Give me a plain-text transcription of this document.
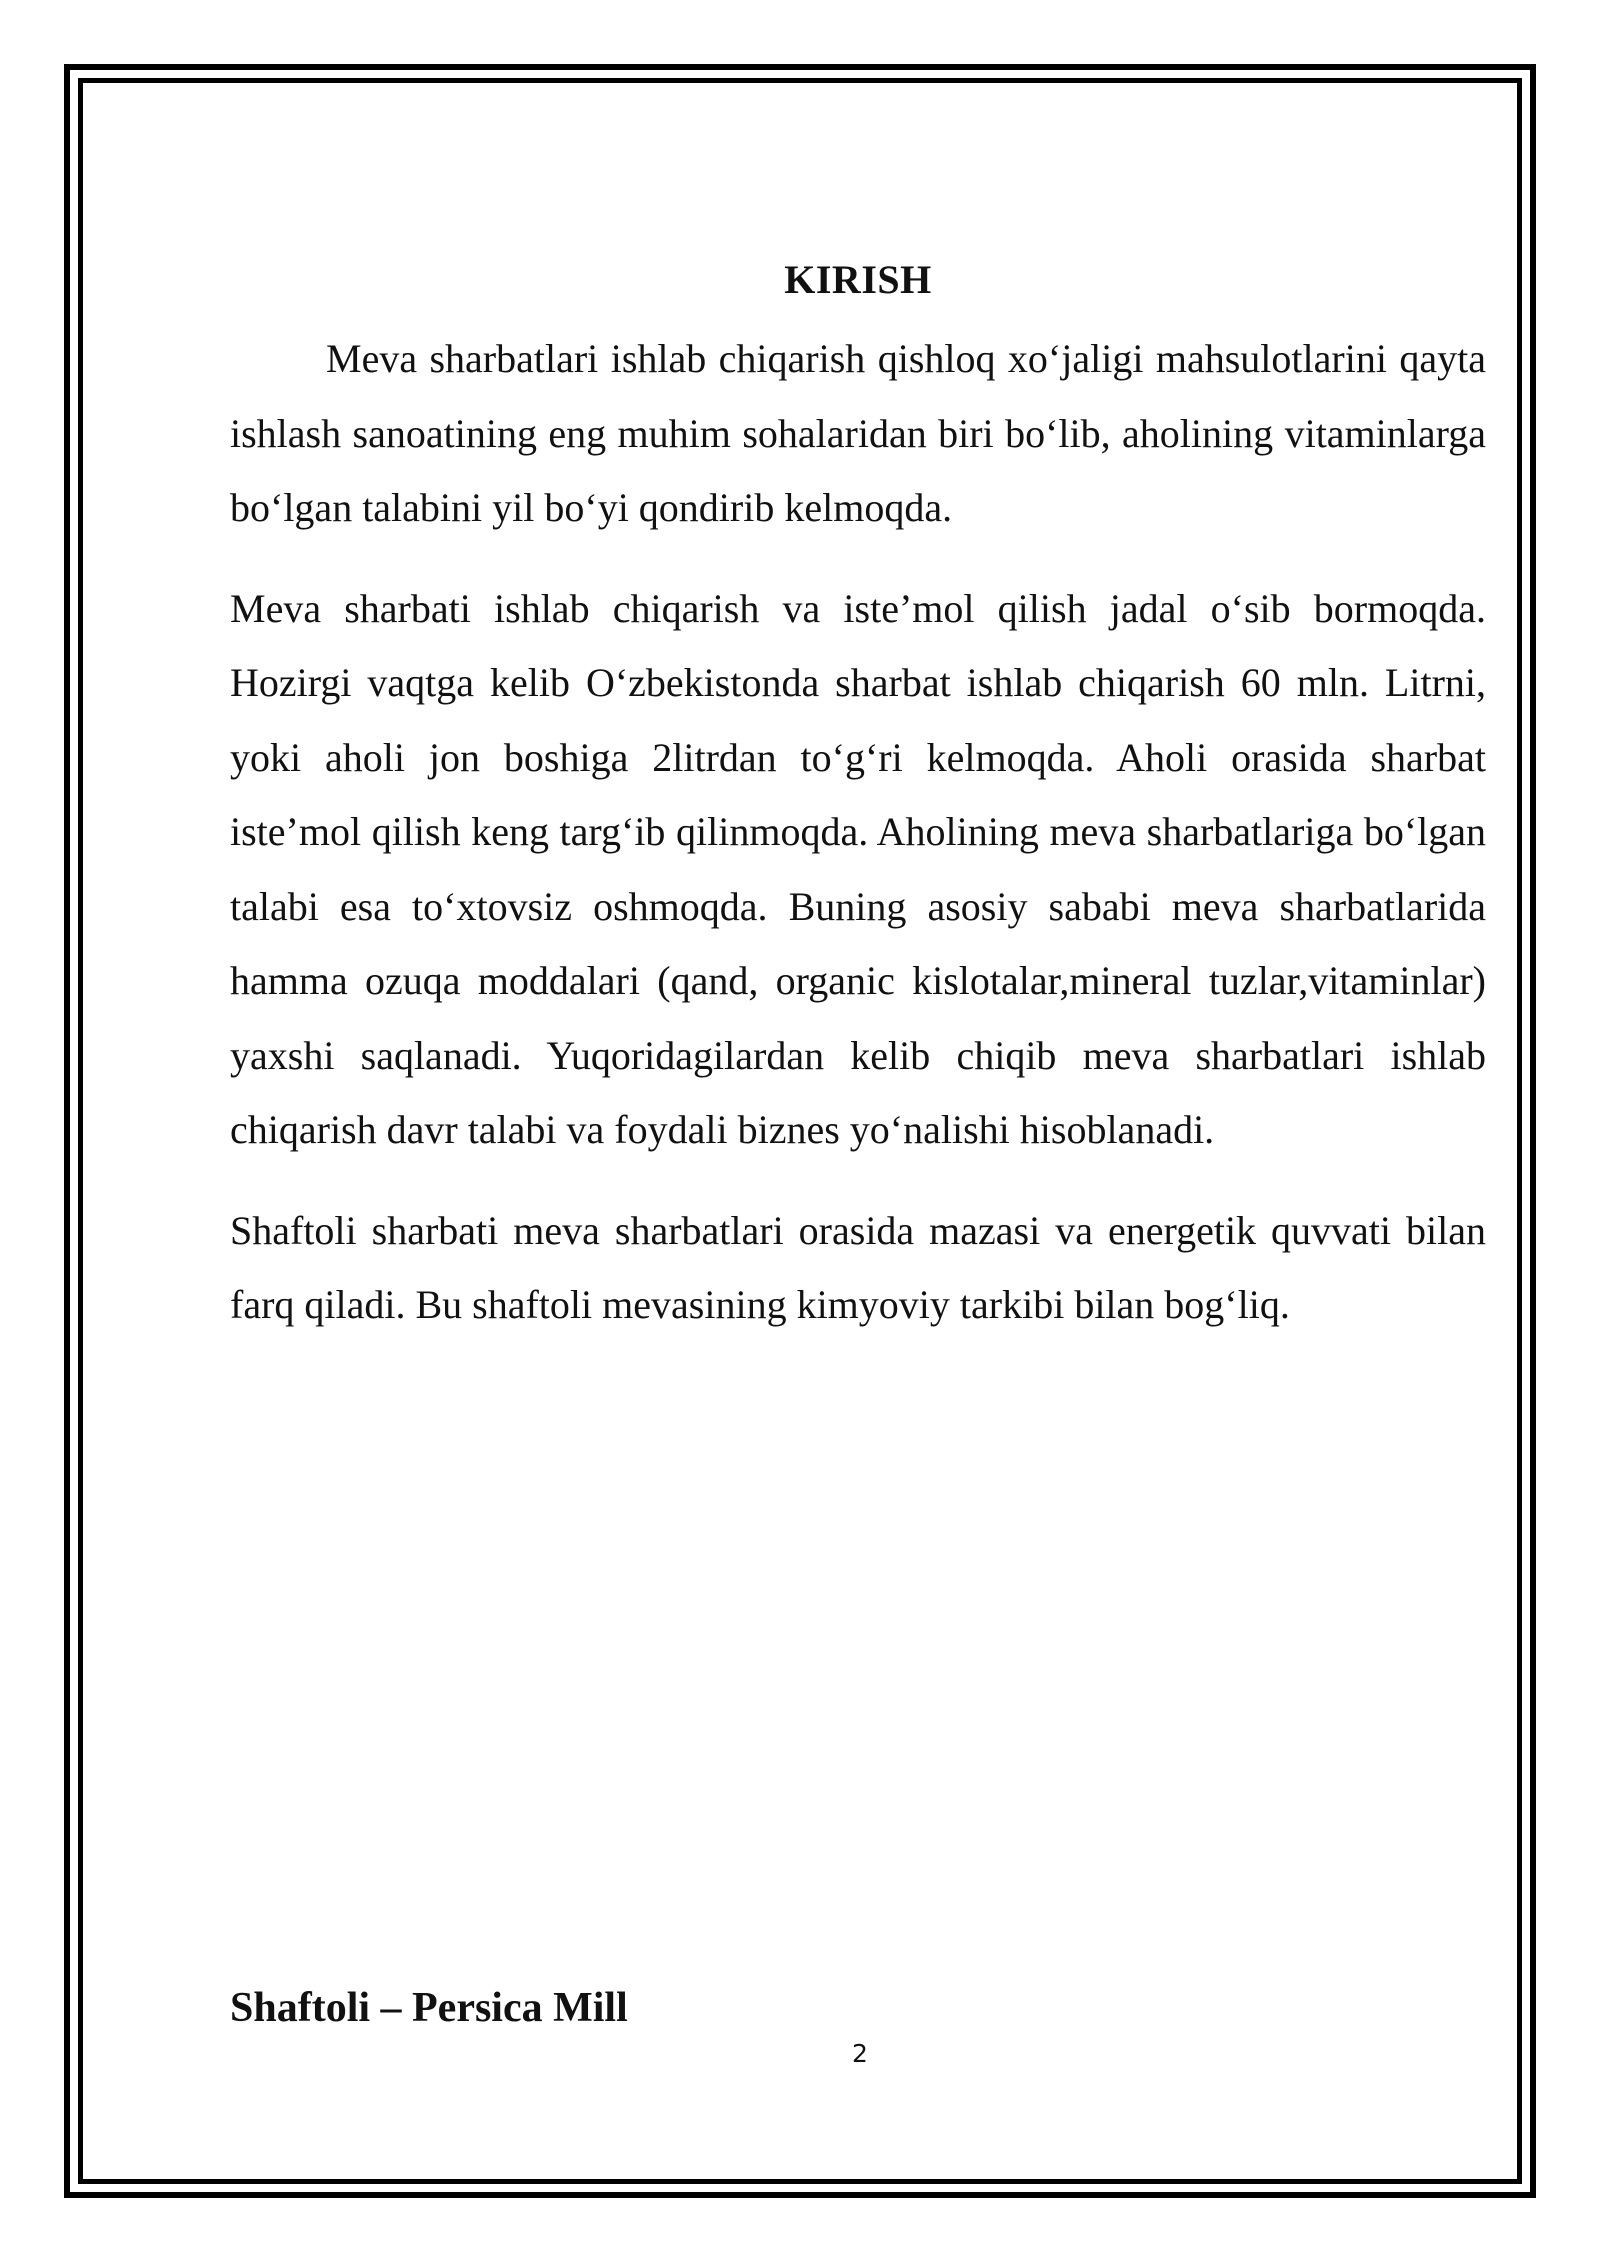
KIRISH

Meva sharbatlari ishlab chiqarish qishloq xo‘jaligi mahsulotlarini qayta ishlash sanoatining eng muhim sohalaridan biri bo‘lib, aholining vitaminlarga bo‘lgan talabini yil bo‘yi qondirib kelmoqda.

Meva sharbati ishlab chiqarish va iste’mol qilish jadal o‘sib bormoqda. Hozirgi vaqtga kelib O‘zbekistonda sharbat ishlab chiqarish 60 mln. Litrni, yoki aholi jon boshiga 2litrdan to‘g‘ri kelmoqda. Aholi orasida sharbat iste’mol qilish keng targ‘ib qilinmoqda. Aholining meva sharbatlariga bo‘lgan talabi esa to‘xtovsiz oshmoqda. Buning asosiy sababi meva sharbatlarida hamma ozuqa moddalari (qand, organic kislotalar,mineral tuzlar,vitaminlar) yaxshi saqlanadi. Yuqoridagilardan kelib chiqib meva sharbatlari ishlab chiqarish davr talabi va foydali biznes yo‘nalishi hisoblanadi.

Shaftoli sharbati meva sharbatlari orasida mazasi va energetik quvvati bilan farq qiladi. Bu shaftoli mevasining kimyoviy tarkibi bilan bog‘liq.

Shaftoli – Persica Mill
2
